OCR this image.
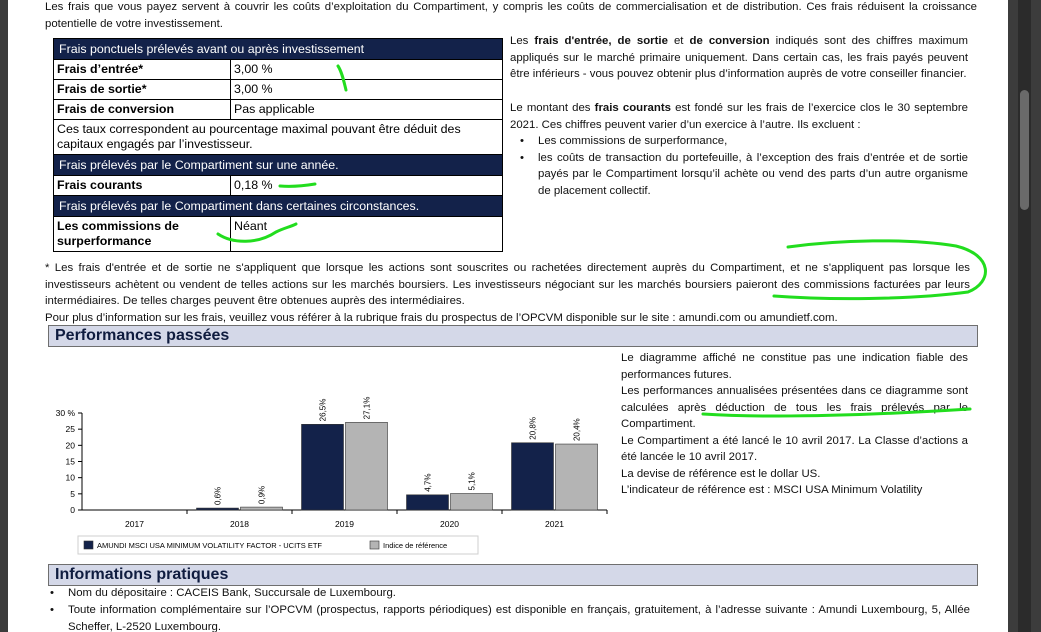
Les frais que vous payez servent à couvrir les coûts d’exploitation du Compartiment, y compris les coûts de commercialisation et de distribution. Ces frais réduisent la croissance potentielle de votre investissement.
Frais ponctuels prélevés avant ou après investissement	
Frais d’entrée*	3,00 %
Frais de sortie*	3,00 %
Frais de conversion	Pas applicable
Ces taux correspondent au pourcentage maximal pouvant être déduit des capitaux engagés par l’investisseur.	
Frais prélevés par le Compartiment sur une année.	
Frais courants	0,18 %
Frais prélevés par le Compartiment dans certaines circonstances.	
Les commissions de surperformance	Néant
Les frais d'entrée, de sortie et de conversion indiqués sont des chiffres maximum appliqués sur le marché primaire uniquement. Dans certain cas, les frais payés peuvent être inférieurs - vous pouvez obtenir plus d’information auprès de votre conseiller financier.
Le montant des frais courants est fondé sur les frais de l’exercice clos le 30 septembre 2021. Ces chiffres peuvent varier d’un exercice à l’autre. Ils excluent :
• Les commissions de surperformance,
• les coûts de transaction du portefeuille, à l’exception des frais d’entrée et de sortie payés par le Compartiment lorsqu’il achète ou vend des parts d’un autre organisme de placement collectif.
* Les frais d'entrée et de sortie ne s'appliquent que lorsque les actions sont souscrites ou rachetées directement auprès du Compartiment, et ne s'appliquent pas lorsque les investisseurs achètent ou vendent de telles actions sur les marchés boursiers. Les investisseurs négociant sur les marchés boursiers paieront des commissions facturées par leurs intermédiaires. De telles charges peuvent être obtenues auprès des intermédiaires.
Pour plus d’information sur les frais, veuillez vous référer à la rubrique frais du prospectus de l’OPCVM disponible sur le site : amundi.com ou amundietf.com.
Performances passées
0
5
10
15
20
25
30 %
2017	2018
0,6%	0,9%
2019
26,5%	27,1%
2020
4,7%	5,1%
2021
20,8%	20,4%
AMUNDI MSCI USA MINIMUM VOLATILITY FACTOR - UCITS ETF	Indice de référence
Le diagramme affiché ne constitue pas une indication fiable des performances futures.
Les performances annualisées présentées dans ce diagramme sont calculées après déduction de tous les frais prélevés par le Compartiment.
Le Compartiment a été lancé le 10 avril 2017. La Classe d’actions a été lancée le 10 avril 2017.
La devise de référence est le dollar US.
L’indicateur de référence est : MSCI USA Minimum Volatility
Informations pratiques
• Nom du dépositaire : CACEIS Bank, Succursale de Luxembourg.
• Toute information complémentaire sur l’OPCVM (prospectus, rapports périodiques) est disponible en français, gratuitement, à l’adresse suivante : Amundi Luxembourg, 5, Allée Scheffer, L-2520 Luxembourg.
